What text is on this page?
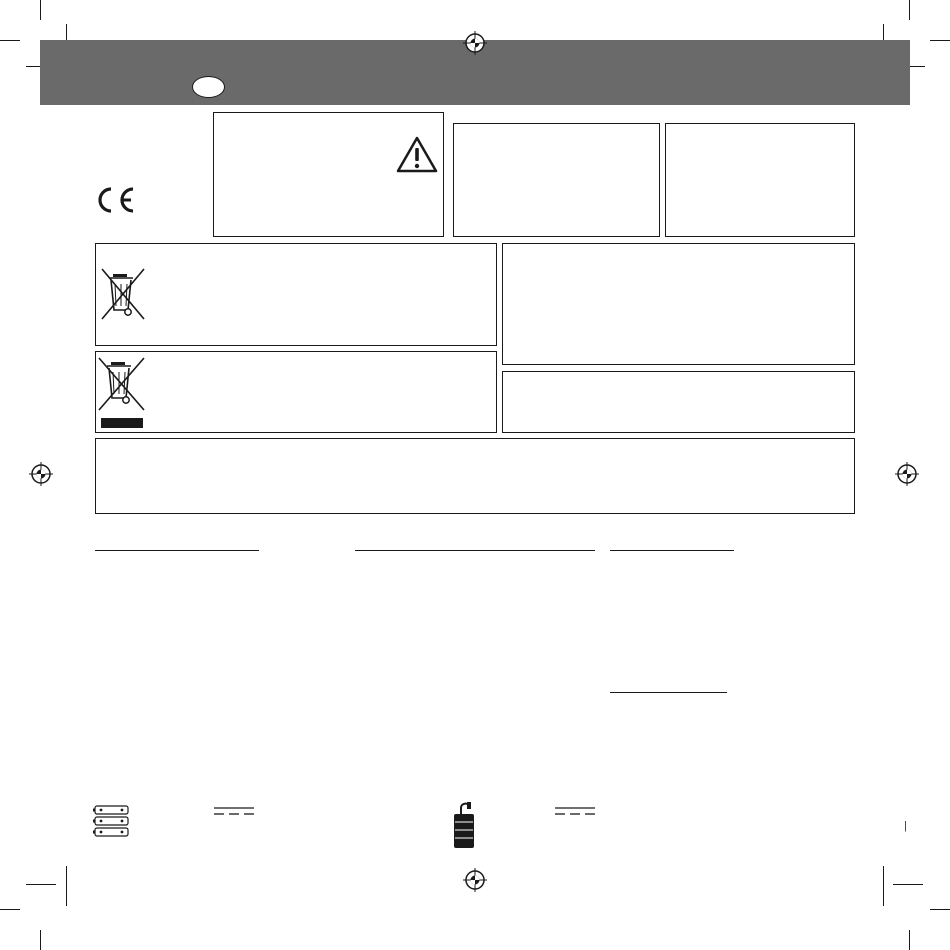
|
